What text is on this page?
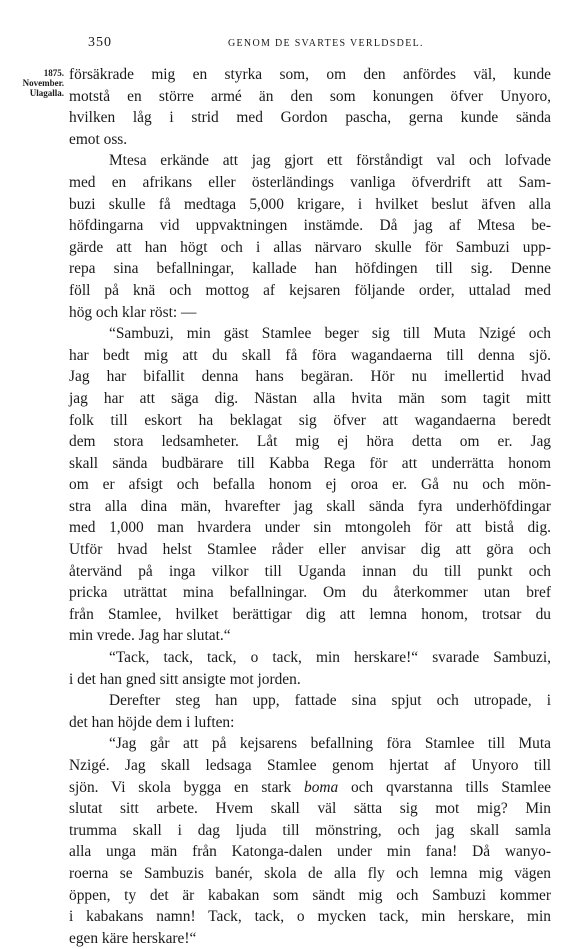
350	GENOM DE SVARTES VERLDSDEL.
1875.
November.
Ulagalla.
försäkrade mig en styrka som, om den anfördes väl, kunde
motstå en större armé än den som konungen öfver Unyoro,
hvilken låg i strid med Gordon pascha, gerna kunde sända
emot oss.
Mtesa erkände att jag gjort ett förståndigt val och lofvade
med en afrikans eller österländings vanliga öfverdrift att Sam-
buzi skulle få medtaga 5,000 krigare, i hvilket beslut äfven alla
höfdingarna vid uppvaktningen instämde. Då jag af Mtesa be-
gärde att han högt och i allas närvaro skulle för Sambuzi upp-
repa sina befallningar, kallade han höfdingen till sig. Denne
föll på knä och mottog af kejsaren följande order, uttalad med
hög och klar röst: —
“Sambuzi, min gäst Stamlee beger sig till Muta Nzigé och
har bedt mig att du skall få föra wagandaerna till denna sjö.
Jag har bifallit denna hans begäran. Hör nu imellertid hvad
jag har att säga dig. Nästan alla hvita män som tagit mitt
folk till eskort ha beklagat sig öfver att wagandaerna beredt
dem stora ledsamheter. Låt mig ej höra detta om er. Jag
skall sända budbärare till Kabba Rega för att underrätta honom
om er afsigt och befalla honom ej oroa er. Gå nu och mön-
stra alla dina män, hvarefter jag skall sända fyra underhöfdingar
med 1,000 man hvardera under sin mtongoleh för att bistå dig.
Utför hvad helst Stamlee råder eller anvisar dig att göra och
återvänd på inga vilkor till Uganda innan du till punkt och
pricka uträttat mina befallningar. Om du återkommer utan bref
från Stamlee, hvilket berättigar dig att lemna honom, trotsar du
min vrede. Jag har slutat.“
“Tack, tack, tack, o tack, min herskare!“ svarade Sambuzi,
i det han gned sitt ansigte mot jorden.
Derefter steg han upp, fattade sina spjut och utropade, i
det han höjde dem i luften:
“Jag går att på kejsarens befallning föra Stamlee till Muta
Nzigé. Jag skall ledsaga Stamlee genom hjertat af Unyoro till
sjön. Vi skola bygga en stark boma och qvarstanna tills Stamlee
slutat sitt arbete. Hvem skall väl sätta sig mot mig? Min
trumma skall i dag ljuda till mönstring, och jag skall samla
alla unga män från Katonga-dalen under min fana! Då wanyo-
roerna se Sambuzis banér, skola de alla fly och lemna mig vägen
öppen, ty det är kabakan som sändt mig och Sambuzi kommer
i kabakans namn! Tack, tack, o mycken tack, min herskare, min
egen käre herskare!“
